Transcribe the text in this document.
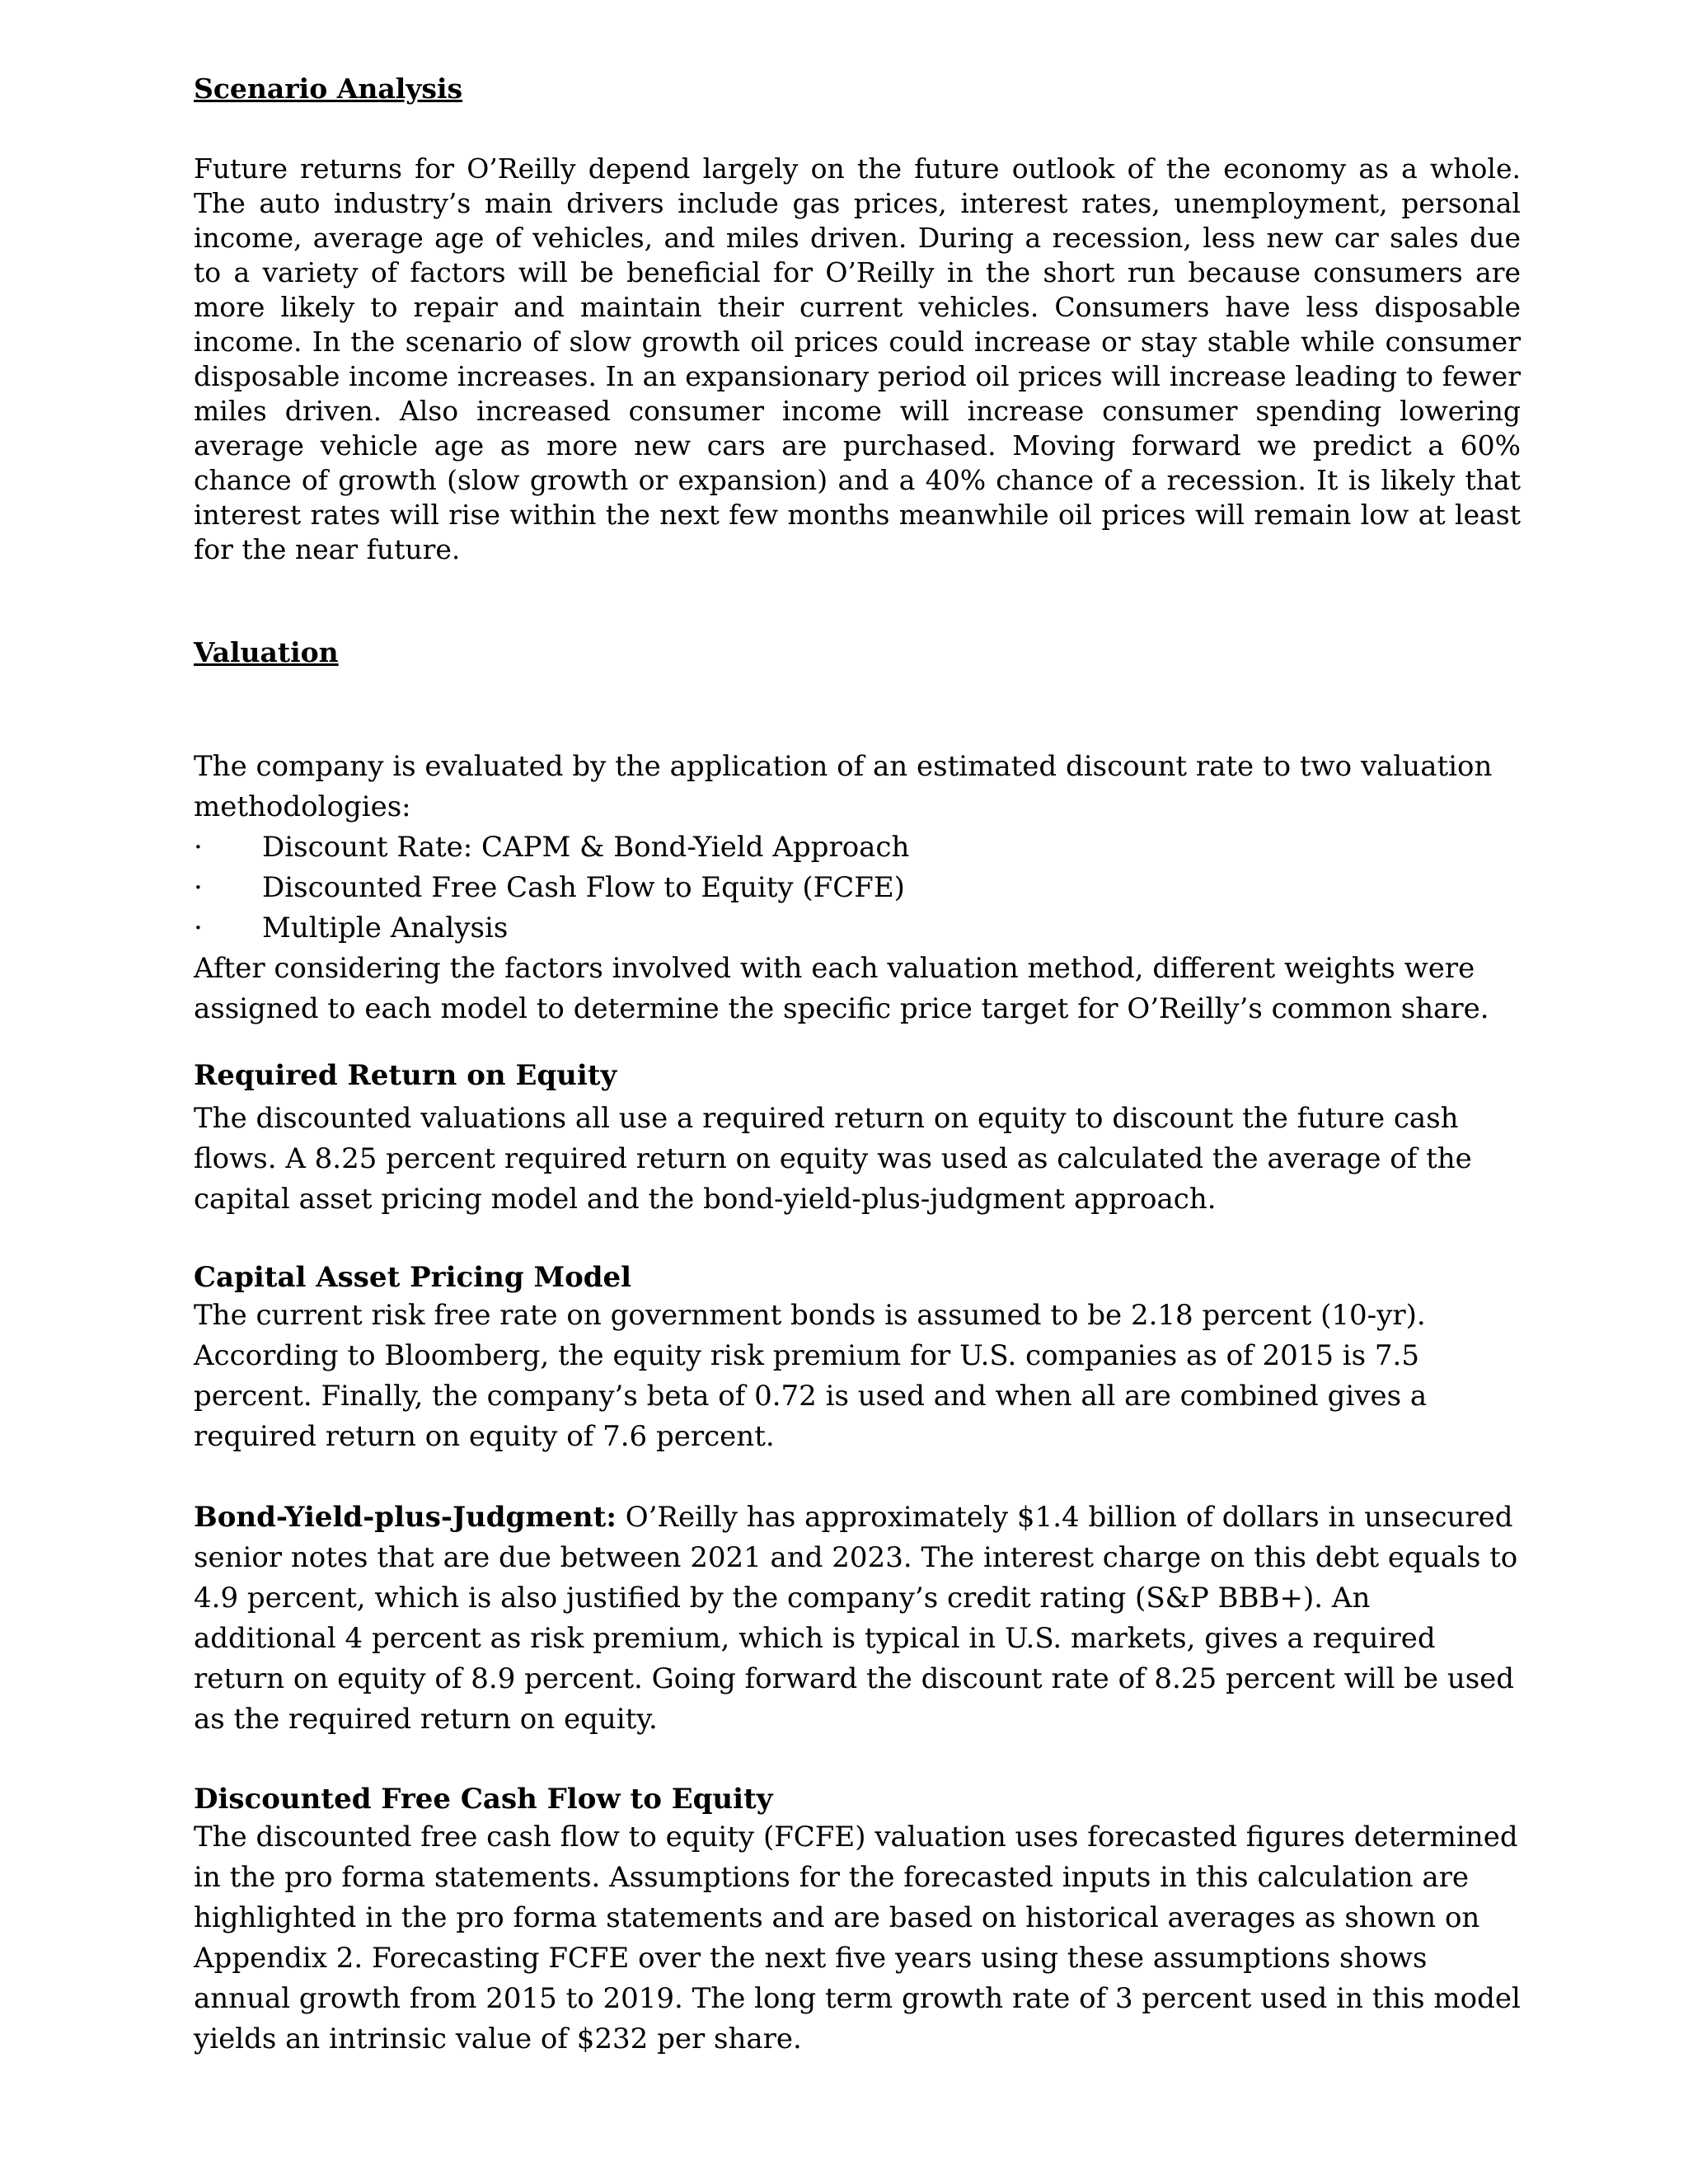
Scenario Analysis

Future returns for O’Reilly depend largely on the future outlook of the economy as a whole. The auto industry’s main drivers include gas prices, interest rates, unemployment, personal income, average age of vehicles, and miles driven. During a recession, less new car sales due to a variety of factors will be beneficial for O’Reilly in the short run because consumers are more likely to repair and maintain their current vehicles. Consumers have less disposable income. In the scenario of slow growth oil prices could increase or stay stable while consumer disposable income increases. In an expansionary period oil prices will increase leading to fewer miles driven. Also increased consumer income will increase consumer spending lowering average vehicle age as more new cars are purchased. Moving forward we predict a 60% chance of growth (slow growth or expansion) and a 40% chance of a recession. It is likely that interest rates will rise within the next few months meanwhile oil prices will remain low at least for the near future.

Valuation

The company is evaluated by the application of an estimated discount rate to two valuation methodologies:

·	Discount Rate: CAPM & Bond-Yield Approach
·	Discounted Free Cash Flow to Equity (FCFE)
·	Multiple Analysis

After considering the factors involved with each valuation method, different weights were assigned to each model to determine the specific price target for O’Reilly’s common share.

Required Return on Equity

The discounted valuations all use a required return on equity to discount the future cash flows. A 8.25 percent required return on equity was used as calculated the average of the capital asset pricing model and the bond-yield-plus-judgment approach.

Capital Asset Pricing Model

The current risk free rate on government bonds is assumed to be 2.18 percent (10-yr). According to Bloomberg, the equity risk premium for U.S. companies as of 2015 is 7.5 percent. Finally, the company’s beta of 0.72 is used and when all are combined gives a required return on equity of 7.6 percent.

Bond-Yield-plus-Judgment: O’Reilly has approximately $1.4 billion of dollars in unsecured senior notes that are due between 2021 and 2023. The interest charge on this debt equals to 4.9 percent, which is also justified by the company’s credit rating (S&P BBB+). An additional 4 percent as risk premium, which is typical in U.S. markets, gives a required return on equity of 8.9 percent. Going forward the discount rate of 8.25 percent will be used as the required return on equity.

Discounted Free Cash Flow to Equity

The discounted free cash flow to equity (FCFE) valuation uses forecasted figures determined in the pro forma statements. Assumptions for the forecasted inputs in this calculation are highlighted in the pro forma statements and are based on historical averages as shown on Appendix 2. Forecasting FCFE over the next five years using these assumptions shows annual growth from 2015 to 2019. The long term growth rate of 3 percent used in this model yields an intrinsic value of $232 per share.
